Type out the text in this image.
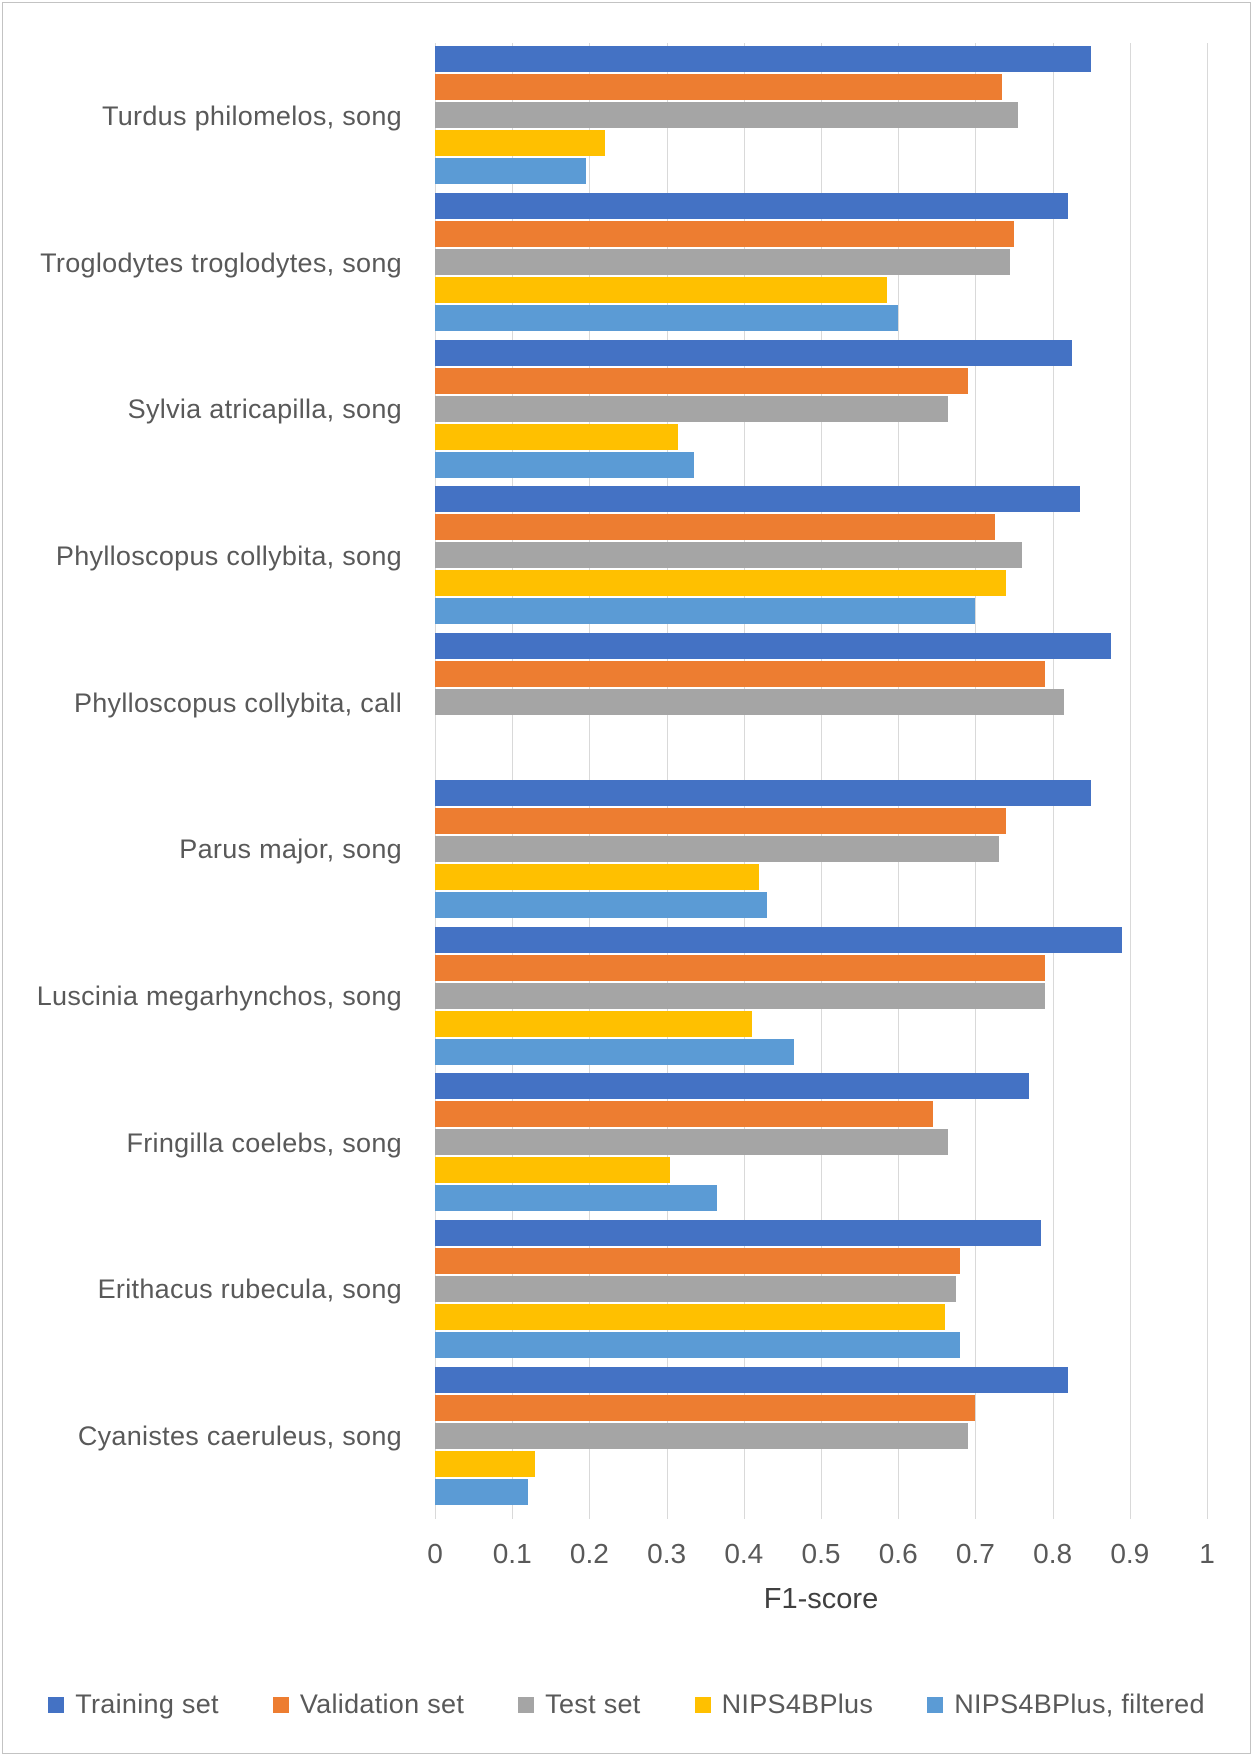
Turdus philomelos, song
Troglodytes troglodytes, song
Sylvia atricapilla, song
Phylloscopus collybita, song
Phylloscopus collybita, call
Parus major, song
Luscinia megarhynchos, song
Fringilla coelebs, song
Erithacus rubecula, song
Cyanistes caeruleus, song
0 0.1 0.2 0.3 0.4 0.5 0.6 0.7 0.8 0.9 1
F1-score
Training set	Validation set	Test set	NIPS4BPlus	NIPS4BPlus, filtered
